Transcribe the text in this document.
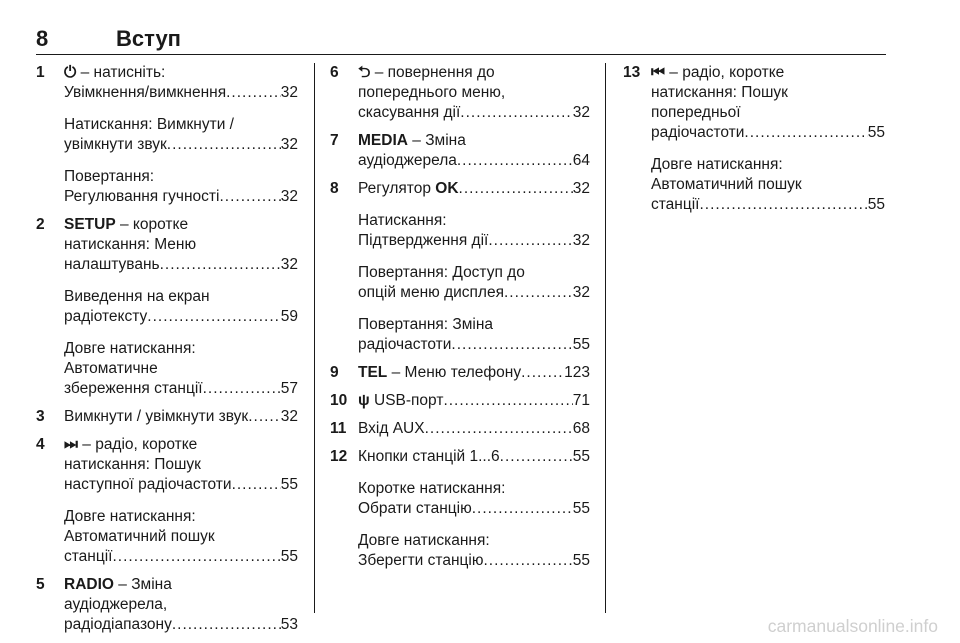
8	Вступ
1 ⏻ – натисніть:
Увімкнення/вимкнення .....	32
Натискання: Вимкнути /
увімкнути звук .....	32
Повертання:
Регулювання гучності .....	32
2 SETUP – коротке
натискання: Меню
налаштувань .....	32
Виведення на екран
радіотексту .....	59
Довге натискання:
Автоматичне
збереження станції .....	57
3 Вимкнути / увімкнути звук ..... 32
4 ⏭ – радіо, коротке
натискання: Пошук
наступної радіочастоти .....	55
Довге натискання:
Автоматичний пошук
станції .....	55
5 RADIO – Зміна
аудіоджерела,
радіодіапазону .....	53
6 ⮌ – повернення до
попереднього меню,
скасування дії .....	32
7 MEDIA – Зміна
аудіоджерела .....	64
8 Регулятор OK .....	32
Натискання:
Підтвердження дії .....	32
Повертання: Доступ до
опцій меню дисплея .....	32
Повертання: Зміна
радіочастоти .....	55
9 TEL – Меню телефону .....	123
10 ψ USB-порт .....	71
11 Вхід AUX .....	68
12 Кнопки станцій 1...6 .....	55
Коротке натискання:
Обрати станцію .....	55
Довге натискання:
Зберегти станцію .....	55
13 ⏮ – радіо, коротке
натискання: Пошук
попередньої
радіочастоти .....	55
Довге натискання:
Автоматичний пошук
станції .....	55
carmanualsonline.info
